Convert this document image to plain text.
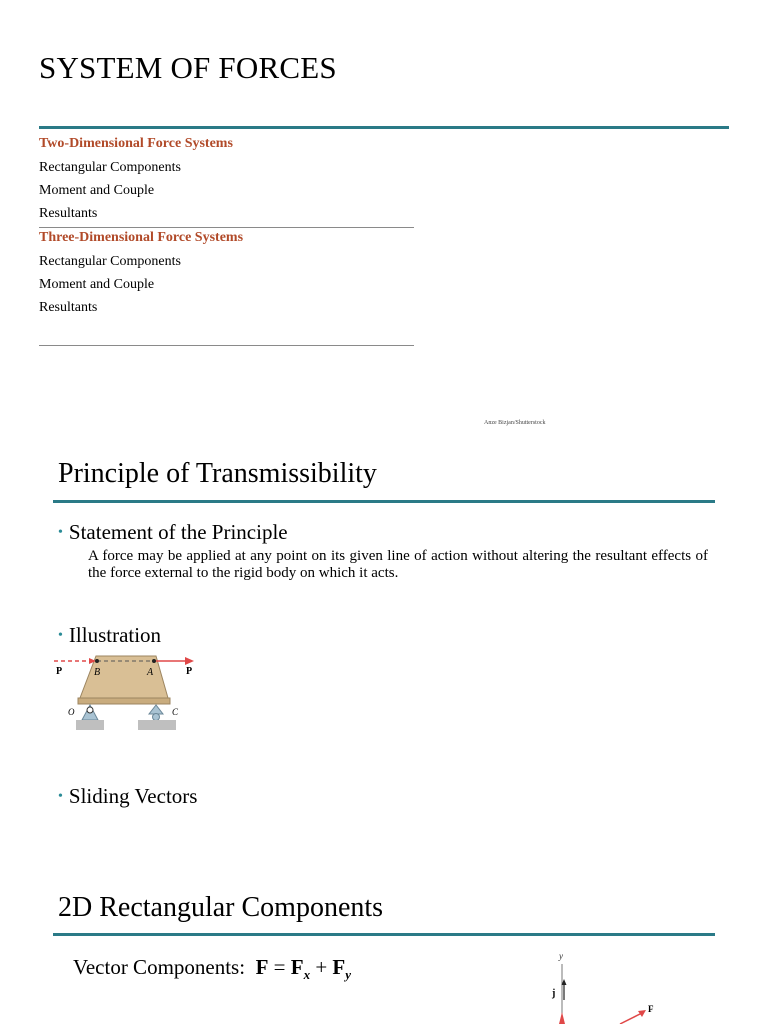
SYSTEM OF FORCES
Two-Dimensional Force Systems
Rectangular Components
Moment and Couple
Resultants
Three-Dimensional Force Systems
Rectangular Components
Moment and Couple
Resultants
Anze Bizjan/Shutterstock
Principle of Transmissibility
• Statement of the Principle
A force may be applied at any point on its given line of action without altering the resultant effects of the force external to the rigid body on which it acts.
• Illustration
P	P
B	A
O	C
• Sliding Vectors
2D Rectangular Components
Vector Components: $F = F_x + F_y$
y
j
F
